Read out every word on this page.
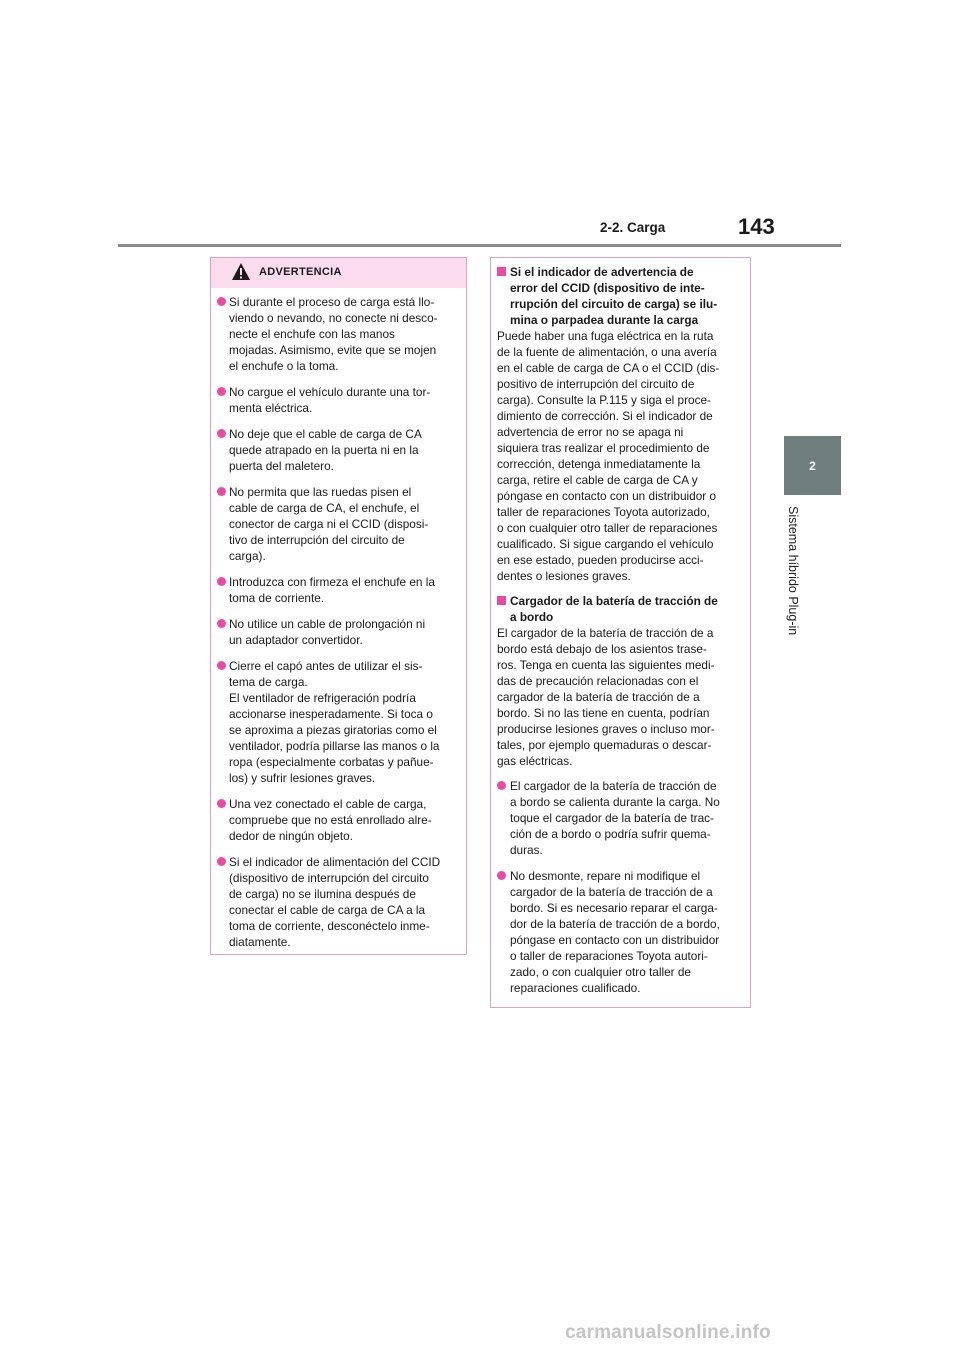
2-2. Carga	143
2
Sistema híbrido Plug-in
ADVERTENCIA
Si durante el proceso de carga está llo-
viendo o nevando, no conecte ni desco-
necte el enchufe con las manos
mojadas. Asimismo, evite que se mojen
el enchufe o la toma.
No cargue el vehículo durante una tor-
menta eléctrica.
No deje que el cable de carga de CA
quede atrapado en la puerta ni en la
puerta del maletero.
No permita que las ruedas pisen el
cable de carga de CA, el enchufe, el
conector de carga ni el CCID (disposi-
tivo de interrupción del circuito de
carga).
Introduzca con firmeza el enchufe en la
toma de corriente.
No utilice un cable de prolongación ni
un adaptador convertidor.
Cierre el capó antes de utilizar el sis-
tema de carga.
El ventilador de refrigeración podría
accionarse inesperadamente. Si toca o
se aproxima a piezas giratorias como el
ventilador, podría pillarse las manos o la
ropa (especialmente corbatas y pañue-
los) y sufrir lesiones graves.
Una vez conectado el cable de carga,
compruebe que no está enrollado alre-
dedor de ningún objeto.
Si el indicador de alimentación del CCID
(dispositivo de interrupción del circuito
de carga) no se ilumina después de
conectar el cable de carga de CA a la
toma de corriente, desconéctelo inme-
diatamente.
Si el indicador de advertencia de
error del CCID (dispositivo de inte-
rrupción del circuito de carga) se ilu-
mina o parpadea durante la carga
Puede haber una fuga eléctrica en la ruta
de la fuente de alimentación, o una avería
en el cable de carga de CA o el CCID (dis-
positivo de interrupción del circuito de
carga). Consulte la P.115 y siga el proce-
dimiento de corrección. Si el indicador de
advertencia de error no se apaga ni
siquiera tras realizar el procedimiento de
corrección, detenga inmediatamente la
carga, retire el cable de carga de CA y
póngase en contacto con un distribuidor o
taller de reparaciones Toyota autorizado,
o con cualquier otro taller de reparaciones
cualificado. Si sigue cargando el vehículo
en ese estado, pueden producirse acci-
dentes o lesiones graves.
Cargador de la batería de tracción de
a bordo
El cargador de la batería de tracción de a
bordo está debajo de los asientos trase-
ros. Tenga en cuenta las siguientes medi-
das de precaución relacionadas con el
cargador de la batería de tracción de a
bordo. Si no las tiene en cuenta, podrían
producirse lesiones graves o incluso mor-
tales, por ejemplo quemaduras o descar-
gas eléctricas.
El cargador de la batería de tracción de
a bordo se calienta durante la carga. No
toque el cargador de la batería de trac-
ción de a bordo o podría sufrir quema-
duras.
No desmonte, repare ni modifique el
cargador de la batería de tracción de a
bordo. Si es necesario reparar el carga-
dor de la batería de tracción de a bordo,
póngase en contacto con un distribuidor
o taller de reparaciones Toyota autori-
zado, o con cualquier otro taller de
reparaciones cualificado.
carmanualsonline.info
